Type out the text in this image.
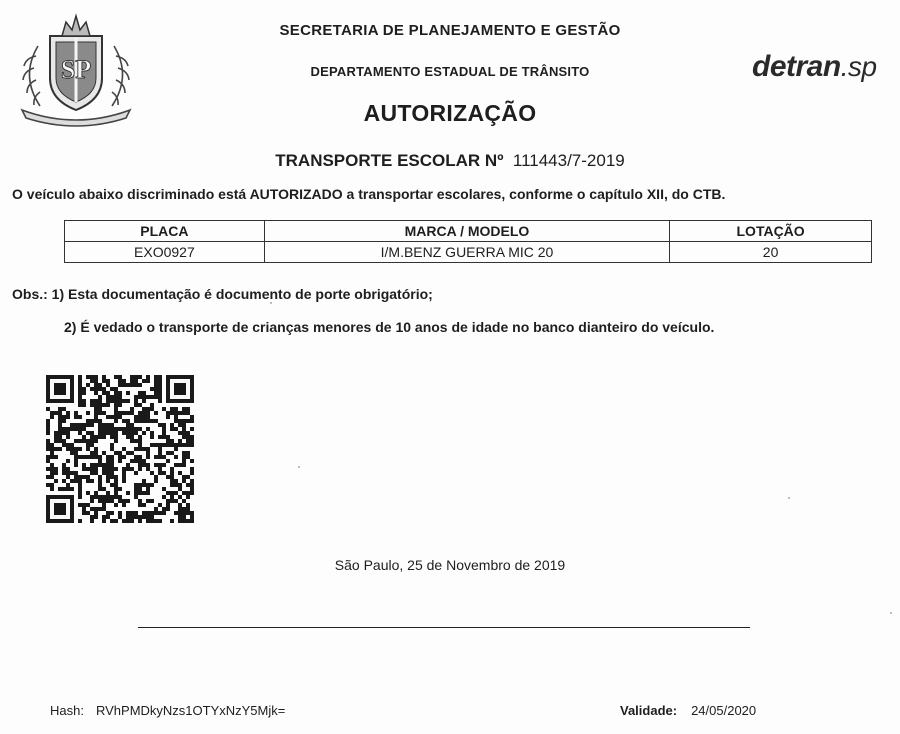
SP
SECRETARIA DE PLANEJAMENTO E GESTÃO
DEPARTAMENTO ESTADUAL DE TRÂNSITO	detran.sp
AUTORIZAÇÃO
TRANSPORTE ESCOLAR Nº 111443/7-2019
O veículo abaixo discriminado está AUTORIZADO a transportar escolares, conforme o capítulo XII, do CTB.
PLACA	MARCA / MODELO	LOTAÇÃO
EXO0927	I/M.BENZ GUERRA MIC 20	20
Obs.: 1) Esta documentação é documento de porte obrigatório;
2) É vedado o transporte de crianças menores de 10 anos de idade no banco dianteiro do veículo.
São Paulo, 25 de Novembro de 2019
Hash: RVhPMDkyNzs1OTYxNzY5Mjk=	Validade: 24/05/2020
